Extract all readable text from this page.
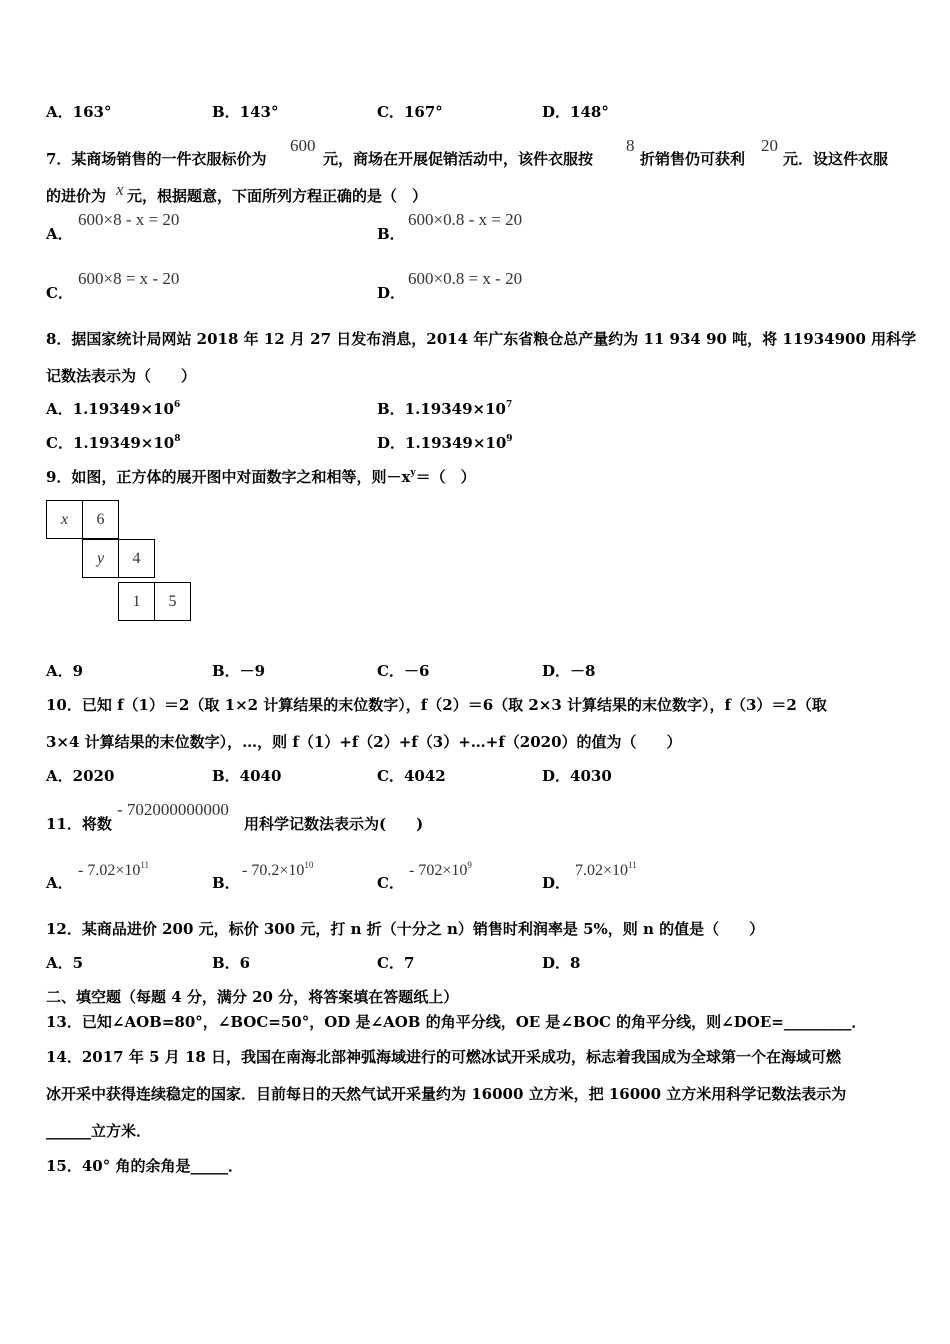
A．163°	B．143°	C．167°	D．148°
7．某商场销售的一件衣服标价为
600
元，商场在开展促销活动中，该件衣服按
8
折销售仍可获利
20
元．设这件衣服
的进价为 x 元，根据题意，下面所列方程正确的是（　）
A．
600×8 - x = 20
B．
600×0.8 - x = 20
C．
600×8 = x - 20
D．
600×0.8 = x - 20
8．据国家统计局网站 2018 年 12 月 27 日发布消息，2014 年广东省粮仓总产量约为 11 934 90 吨，将 11934900 用科学
记数法表示为（　　）
A．$1.19349\times 10^6$	B．$1.19349\times 10^7$
C．$1.19349\times 10^8$	D．$1.19349\times 10^9$
9．如图，正方体的展开图中对面数字之和相等，则$-x^y=$（　）
x	6
y	4
1	5
A．9	B．－9	C．－6	D．－8
10．已知 f（1）＝2（取 1×2 计算结果的末位数字），f（2）＝6（取 2×3 计算结果的末位数字），f（3）＝2（取
3×4 计算结果的末位数字），…，则 f（1）+f（2）+f（3）+…+f（2020）的值为（　　）
A．2020	B．4040	C．4042	D．4030
11．将数
- 702000000000
用科学记数法表示为(　　)
A．
- $7.02\times 10^{11}$
B．
- $70.2\times 10^{10}$
C．
- $702\times 10^9$
D．
$7.02\times 10^{11}$
12．某商品进价 200 元，标价 300 元，打 n 折（十分之 n）销售时利润率是 5%，则 n 的值是（　　）
A．5	B．6	C．7	D．8
二、填空题（每题 4 分，满分 20 分，将答案填在答题纸上）
13．已知∠AOB=80°，∠BOC=50°，OD 是∠AOB 的角平分线，OE 是∠BOC 的角平分线，则∠DOE=_________．
14．2017 年 5 月 18 日，我国在南海北部神弧海域进行的可燃冰试开采成功，标志着我国成为全球第一个在海域可燃
冰开采中获得连续稳定的国家．目前每日的天然气试开采量约为 16000 立方米，把 16000 立方米用科学记数法表示为
______立方米．
15．40° 角的余角是_____．
